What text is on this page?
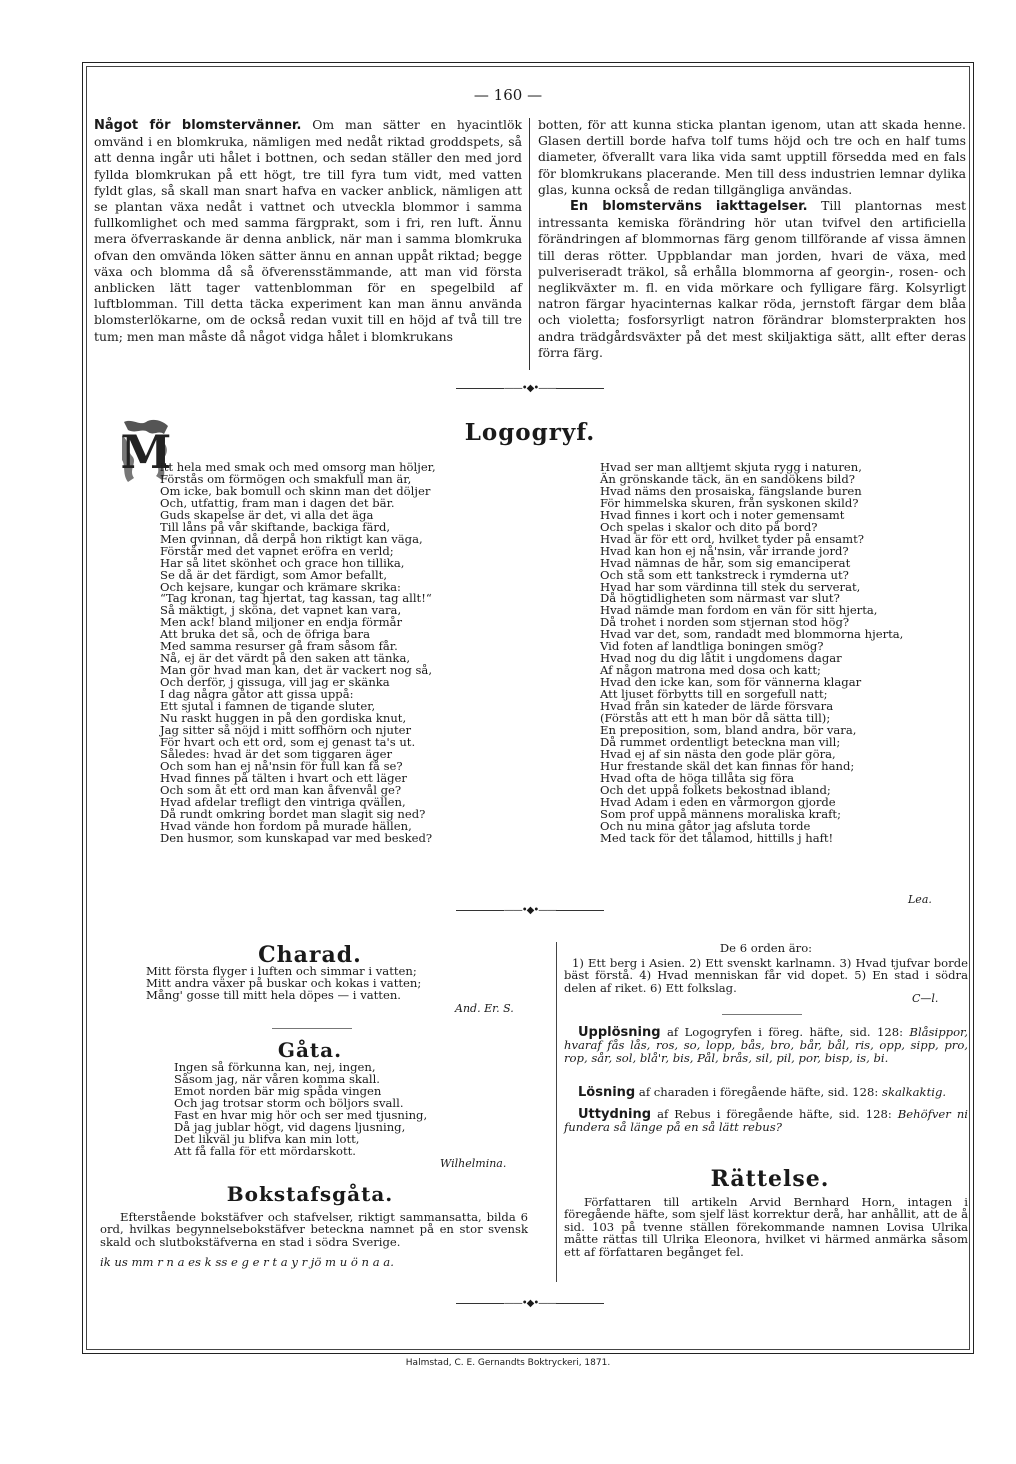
— 160 —
Något för blomstervänner. Om man sätter en hyacintlök omvänd i en blomkruka, nämligen med nedåt riktad groddspets, så att denna ingår uti hålet i bottnen, och sedan ställer den med jord fyllda blomkrukan på ett högt, tre till fyra tum vidt, med vatten fyldt glas, så skall man snart hafva en vacker anblick, nämligen att se plantan växa nedåt i vattnet och utveckla blommor i samma fullkomlighet och med samma färgprakt, som i fri, ren luft. Ännu mera öfverraskande är denna anblick, när man i samma blomkruka ofvan den omvända löken sätter ännu en annan uppåt riktad; begge växa och blomma då så öfverensstämmande, att man vid första anblicken lätt tager vattenblomman för en spegelbild af luftblomman. Till detta täcka experiment kan man ännu använda blomsterlökarne, om de också redan vuxit till en höjd af två till tre tum; men man måste då något vidga hålet i blomkrukans
botten, för att kunna sticka plantan igenom, utan att skada henne. Glasen dertill borde hafva tolf tums höjd och tre och en half tums diameter, öfverallt vara lika vida samt upptill försedda med en fals för blomkrukans placerande. Men till dess industrien lemnar dylika glas, kunna också de redan tillgängliga användas.
En blomsterväns iakttagelser. Till plantornas mest intressanta kemiska förändring hör utan tvifvel den artificiella förändringen af blommornas färg genom tillförande af vissa ämnen till deras rötter. Uppblandar man jorden, hvari de växa, med pulveriseradt träkol, så erhålla blommorna af georgin-, rosen- och neglikväxter m. fl. en vida mörkare och fylligare färg. Kolsyrligt natron färgar hyacinternas kalkar röda, jernstoft färgar dem blåa och violetta; fosforsyrligt natron förändrar blomsterprakten hos andra trädgårdsväxter på det mest skiljaktiga sätt, allt efter deras förra färg.
——•◆•——
Logogryf.
M
itt hela med smak och med omsorg man höljer,
Förstås om förmögen och smakfull man är,
Om icke, bak bomull och skinn man det döljer
Och, utfattig, fram man i dagen det bär.
Guds skapelse är det, vi alla det äga
Till låns på vår skiftande, backiga färd,
Men qvinnan, då derpå hon riktigt kan väga,
Förstår med det vapnet eröfra en verld;
Har så litet skönhet och grace hon tillika,
Se då är det färdigt, som Amor befallt,
Och kejsare, kungar och krämare skrika:
“Tag kronan, tag hjertat, tag kassan, tag allt!“
Så mäktigt, j sköna, det vapnet kan vara,
Men ack! bland miljoner en endja förmår
Att bruka det så, och de öfriga bara
Med samma resurser gå fram såsom får.
Nå, ej är det värdt på den saken att tänka,
Man gör hvad man kan, det är vackert nog så,
Och derför, j gissuga, vill jag er skänka
I dag några gåtor att gissa uppå:
Ett sjutal i famnen de tigande sluter,
Nu raskt huggen in på den gordiska knut,
Jag sitter så nöjd i mitt soffhörn och njuter
För hvart och ett ord, som ej genast ta's ut.
Således: hvad är det som tiggaren äger
Och som han ej nå'nsin för full kan få se?
Hvad finnes på tälten i hvart och ett läger
Och som åt ett ord man kan åfvenvål ge?
Hvad afdelar trefligt den vintriga qvällen,
Då rundt omkring bordet man slagit sig ned?
Hvad vände hon fordom på murade hällen,
Den husmor, som kunskapad var med besked?
Hvad ser man alltjemt skjuta rygg i naturen,
Än grönskande täck, än en sandökens bild?
Hvad näms den prosaiska, fängslande buren
För himmelska skuren, från syskonen skild?
Hvad finnes i kort och i noter gemensamt
Och spelas i skalor och dito på bord?
Hvad är för ett ord, hvilket tyder på ensamt?
Hvad kan hon ej nå'nsin, vår irrande jord?
Hvad nämnas de hår, som sig emanciperat
Och stå som ett tankstreck i rymderna ut?
Hvad har som värdinna till stek du serverat,
Då högtidligheten som närmast var slut?
Hvad nämde man fordom en vän för sitt hjerta,
Då trohet i norden som stjernan stod hög?
Hvad var det, som, randadt med blommorna hjerta,
Vid foten af landtliga boningen smög?
Hvad nog du dig låtit i ungdomens dagar
Af någon matrona med dosa och katt;
Hvad den icke kan, som för vännerna klagar
Att ljuset förbytts till en sorgefull natt;
Hvad från sin kateder de lärde försvara
(Förstås att ett h man bör då sätta till);
En preposition, som, bland andra, bör vara,
Då rummet ordentligt beteckna man vill;
Hvad ej af sin nästa den gode plär göra,
Hur frestande skäl det kan finnas för hand;
Hvad ofta de höga tillåta sig föra
Och det uppå folkets bekostnad ibland;
Hvad Adam i eden en vårmorgon gjorde
Som prof uppå männens moraliska kraft;
Och nu mina gåtor jag afsluta torde
Med tack för det tålamod, hittills j haft!
Lea.
——•◆•——
Charad.
Mitt första flyger i luften och simmar i vatten;
Mitt andra växer på buskar och kokas i vatten;
Mång' gosse till mitt hela döpes — i vatten.
And. Er. S.
Gåta.
Ingen så förkunna kan, nej, ingen,
Såsom jag, när våren komma skall.
Emot norden bär mig spåda vingen
Och jag trotsar storm och böljors svall.
Fast en hvar mig hör och ser med tjusning,
Då jag jublar högt, vid dagens ljusning,
Det likväl ju blifva kan min lott,
Att få falla för ett mördarskott.
Wilhelmina.
Bokstafsgåta.
Efterstående bokstäfver och stafvelser, riktigt sammansatta, bilda 6 ord, hvilkas begynnelsebokstäfver beteckna namnet på en stor svensk skald och slutbokstäfverna en stad i södra Sverige.
ik us mm r n a es k ss e g e r t a y r jö m u ö n a a.
De 6 orden äro:
1) Ett berg i Asien. 2) Ett svenskt karlnamn. 3) Hvad tjufvar borde bäst förstå. 4) Hvad menniskan får vid dopet. 5) En stad i södra delen af riket. 6) Ett folkslag.
C—l.
Upplösning af Logogryfen i föreg. häfte, sid. 128: Blåsippor, hvaraf fås lås, ros, so, lopp, bås, bro, bår, bål, ris, opp, sipp, pro, rop, sår, sol, blå'r, bis, Pål, brås, sil, pil, por, bisp, is, bi.
Lösning af charaden i föregående häfte, sid. 128: skalkaktig.
Uttydning af Rebus i föregående häfte, sid. 128: Behöfver ni fundera så länge på en så lätt rebus?
Rättelse.
Författaren till artikeln Arvid Bernhard Horn, intagen i föregående häfte, som sjelf läst korrektur derå, har anhållit, att de å sid. 103 på tvenne ställen förekommande namnen Lovisa Ulrika måtte rättas till Ulrika Eleonora, hvilket vi härmed anmärka såsom ett af författaren begånget fel.
——•◆•——
Halmstad, C. E. Gernandts Boktryckeri, 1871.
